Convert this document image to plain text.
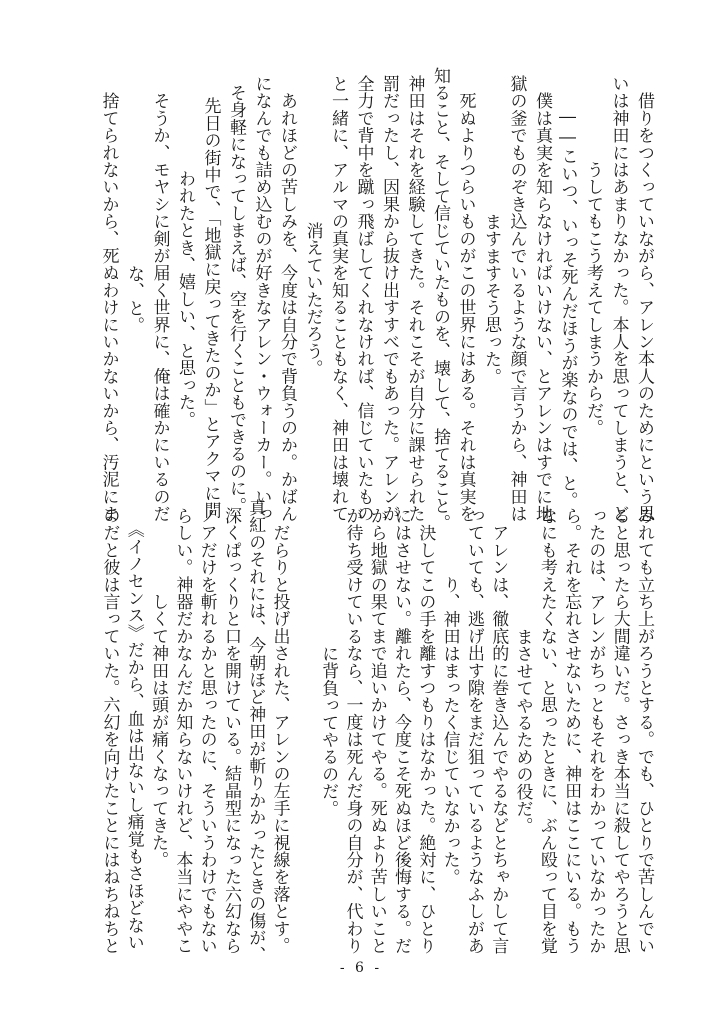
　借りをつくっていながら、アレン本人のためにという思
いは神田にはあまりなかった。本人を思ってしまうと、ど
うしてもこう考えてしまうからだ。
　――こいつ、いっそ死んだほうが楽なのでは、と。
　僕は真実を知らなければいけない、とアレンはすでに地
獄の釜でものぞき込んでいるような顔で言うから、神田は
ますますそう思った。
　死ぬよりつらいものがこの世界にはある。それは真実を
知ること、そして信じていたものを、壊して、捨てること。
神田はそれを経験してきた。それこそが自分に課せられた
罰だったし、因果から抜け出すすべでもあった。アレンが
全力で背中を蹴っ飛ばしてくれなければ、信じていたもの
と一緒に、アルマの真実を知ることもなく、神田は壊れて
消えていただろう。
　あれほどの苦しみを、今度は自分で背負うのか。かばん
になんでも詰め込むのが好きなアレン・ウォーカー。いっ
そ身軽になってしまえば、空を行くこともできるのに。
　先日の街中で、「地獄に戻ってきたのか」とアクマに問
われたとき、嬉しい、と思った。
　そうか、モヤシに剣が届く世界に、俺は確かにいるのだ
な、と。
　捨てられないから、死ぬわけにいかないから、汚泥にま
みれても立ち上がろうとする。でも、ひとりで苦しんでい
ると思ったら大間違いだ。さっき本当に殺してやろうと思
ったのは、アレンがちっともそれをわかっていなかったか
ら。それを忘れさせないために、神田はここにいる。もう
なにも考えたくない、と思ったときに、ぶん殴って目を覚
まさせてやるための役だ。
　アレンは、徹底的に巻き込んでやるなどとちゃかして言
っていても、逃げ出す隙をまだ狙っているようなふしがあ
り、神田はまったく信じていなかった。
　決してこの手を離すつもりはなかった。絶対に、ひとり
にはさせない。離れたら、今度こそ死ぬほど後悔する。だ
から地獄の果てまで追いかけてやる。死ぬより苦しいこと
が待ち受けているなら、一度は死んだ身の自分が、代わり
に背負ってやるのだ。
　だらりと投げ出された、アレンの左手に視線を落とす。
真紅のそれには、今朝ほど神田が斬りかかったときの傷が、
深くぱっくりと口を開けている。結晶型になった六幻なら
ノアだけを斬れるかと思ったのに、そういうわけでもない
らしい。神器だかなんだか知らないけれど、本当にややこ
しくて神田は頭が痛くなってきた。
　《イノセンス》だから、血は出ないし痛覚もさほどない
のだと彼は言っていた。六幻を向けたことにはねちねちと
- 6 -
